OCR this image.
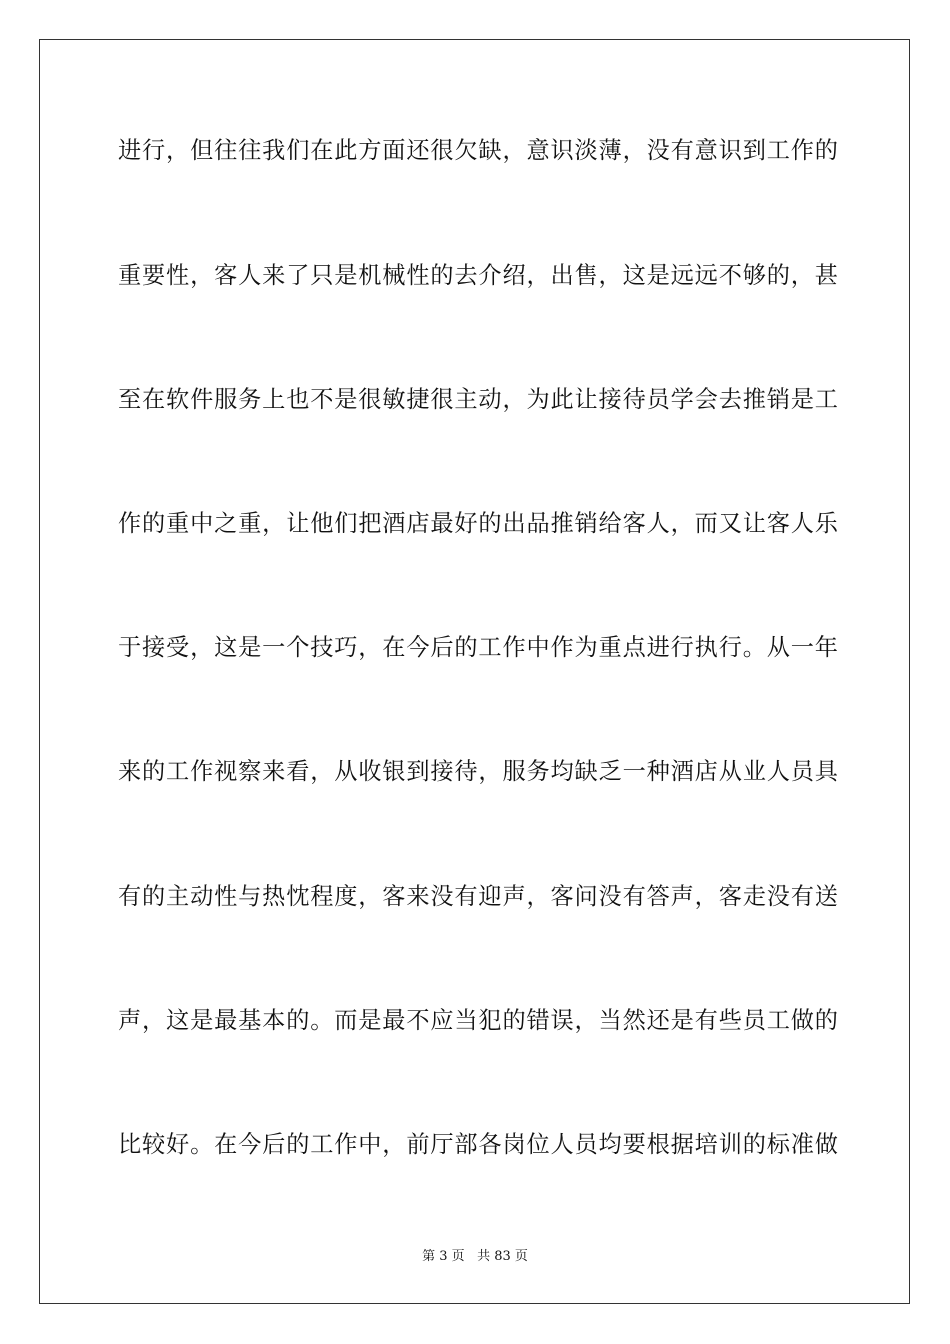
进行，但往往我们在此方面还很欠缺，意识淡薄，没有意识到工作的
重要性，客人来了只是机械性的去介绍，出售，这是远远不够的，甚
至在软件服务上也不是很敏捷很主动，为此让接待员学会去推销是工
作的重中之重，让他们把酒店最好的出品推销给客人，而又让客人乐
于接受，这是一个技巧，在今后的工作中作为重点进行执行。从一年
来的工作视察来看，从收银到接待，服务均缺乏一种酒店从业人员具
有的主动性与热忱程度，客来没有迎声，客问没有答声，客走没有送
声，这是最基本的。而是最不应当犯的错误，当然还是有些员工做的
比较好。在今后的工作中，前厅部各岗位人员均要根据培训的标准做
第 3 页 共 83 页
